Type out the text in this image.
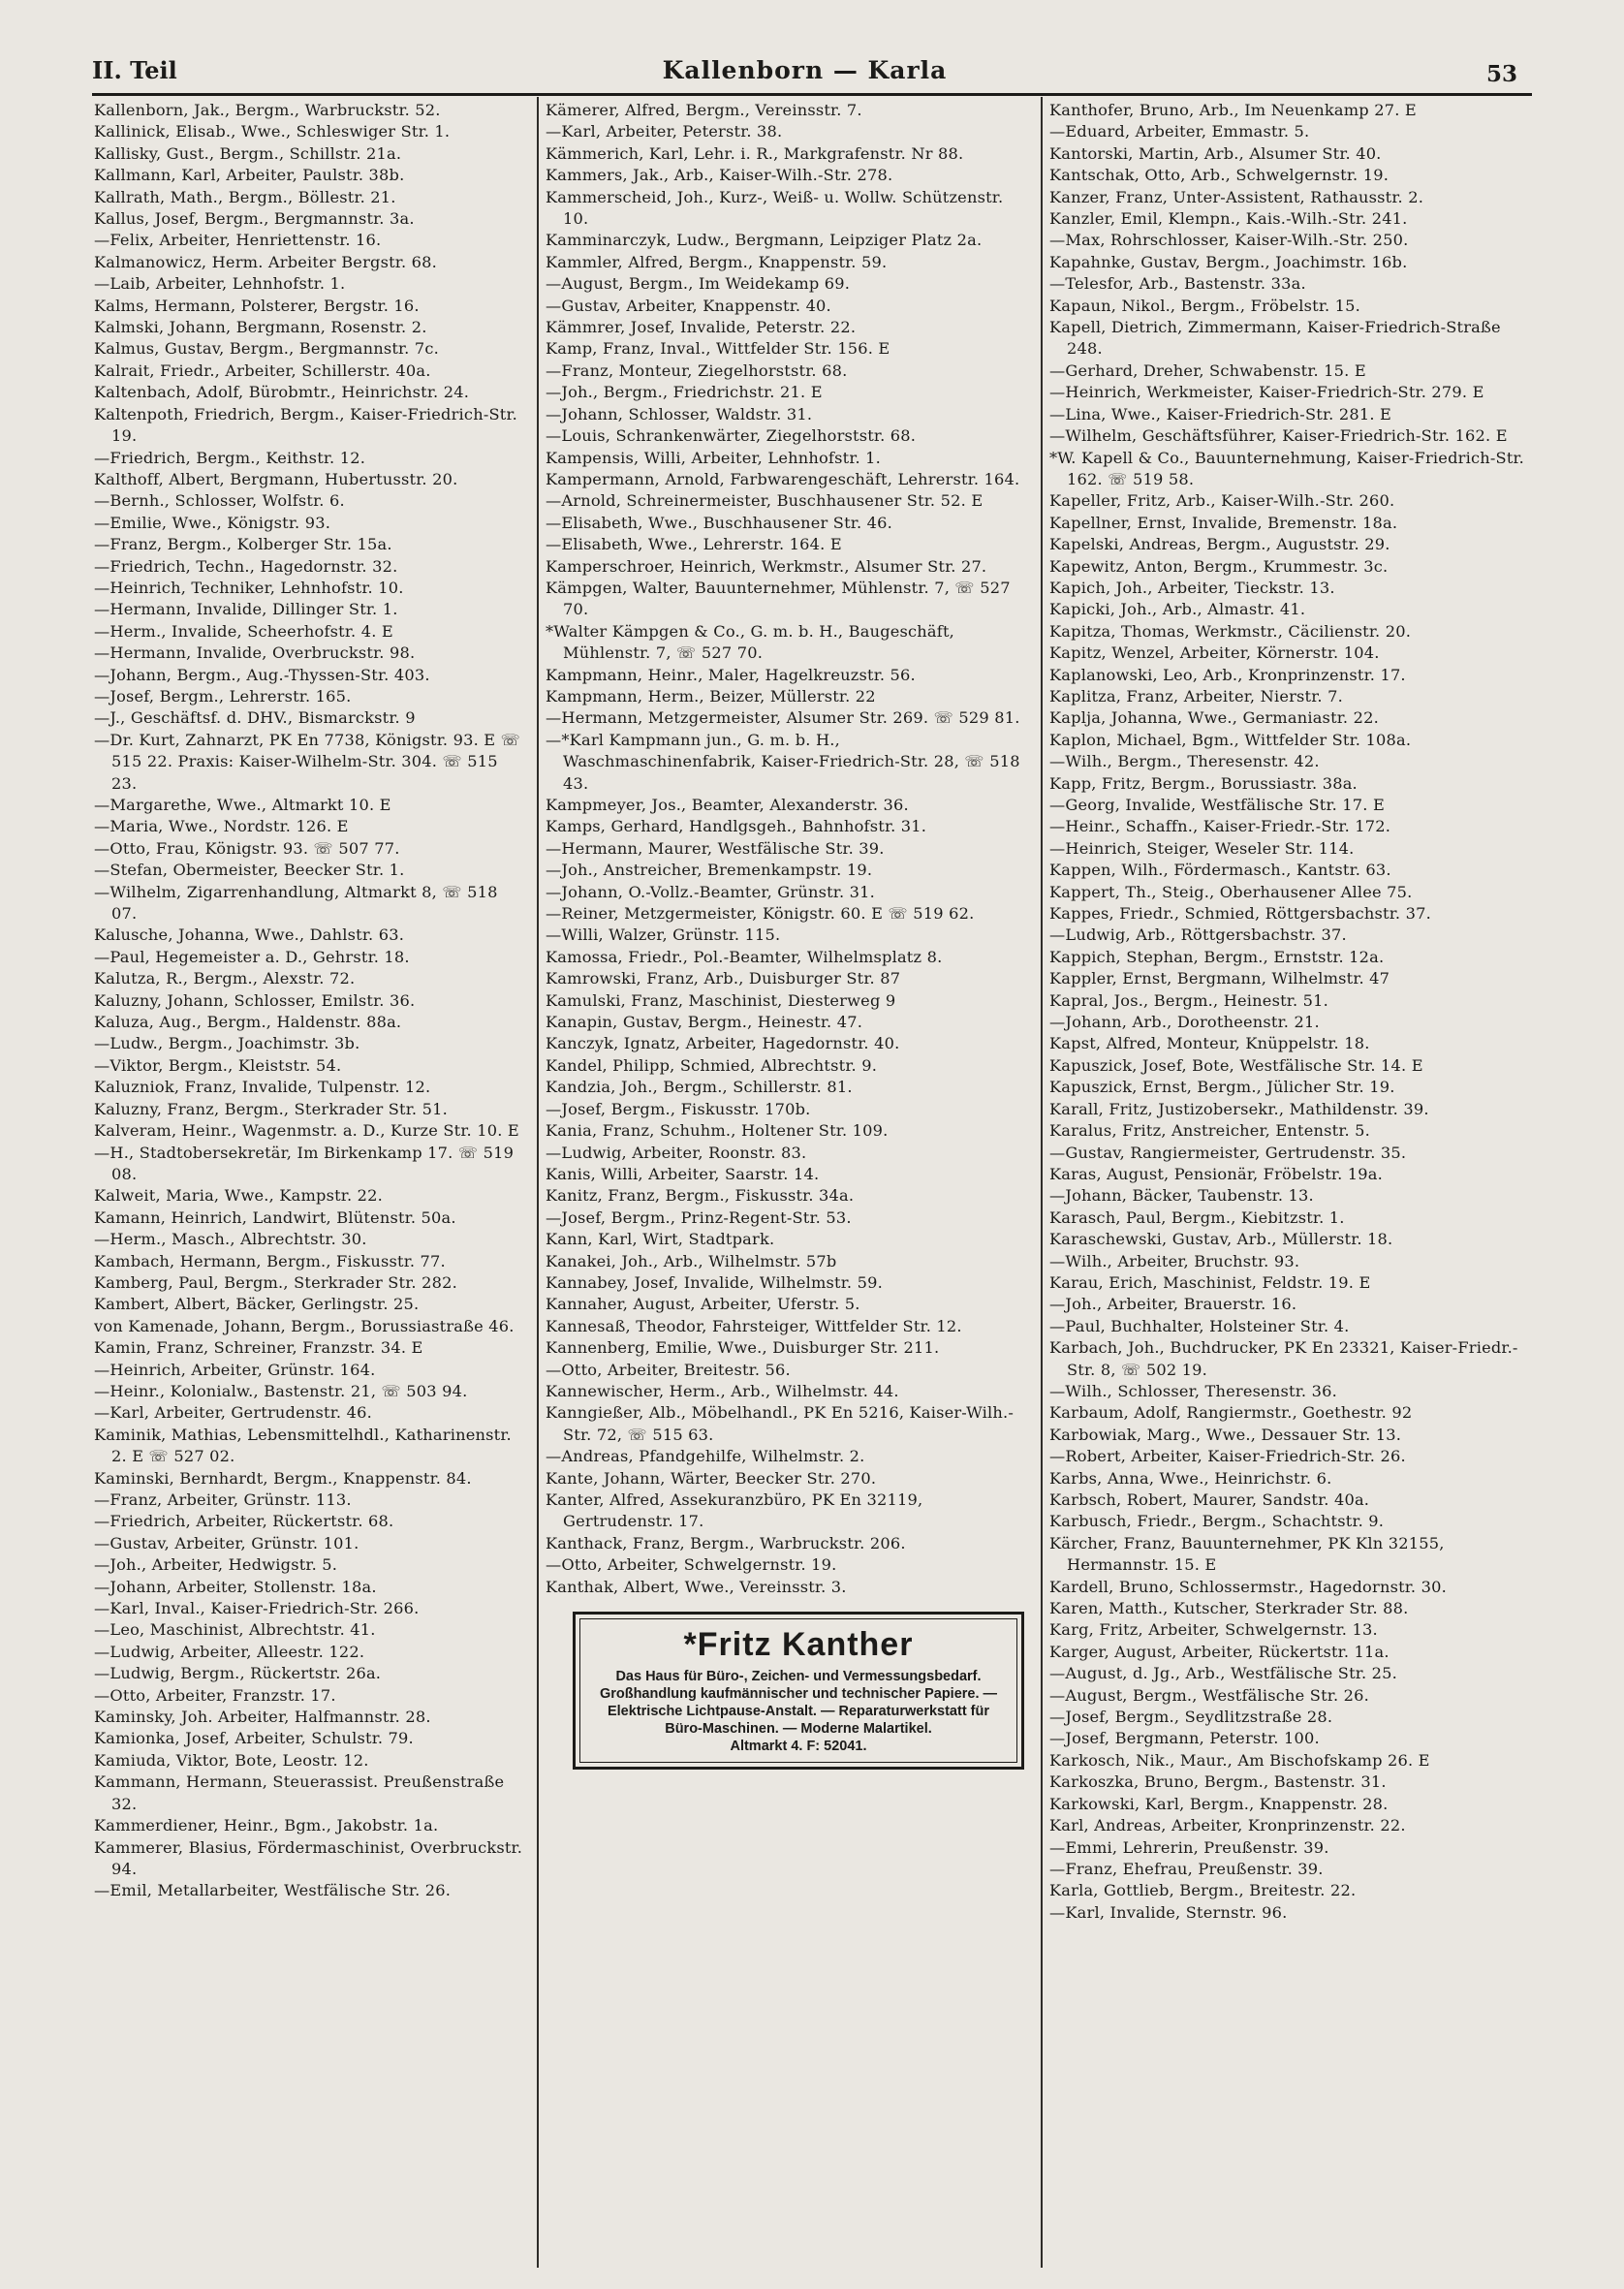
II. Teil	Kallenborn — Karla	53
Kallenborn, Jak., Bergm., Warbruckstr. 52.
Kallinick, Elisab., Wwe., Schleswiger Str. 1.
Kallisky, Gust., Bergm., Schillstr. 21a.
Kallmann, Karl, Arbeiter, Paulstr. 38b.
Kallrath, Math., Bergm., Böllestr. 21.
Kallus, Josef, Bergm., Bergmannstr. 3a.
—Felix, Arbeiter, Henriettenstr. 16.
Kalmanowicz, Herm. Arbeiter Bergstr. 68.
—Laib, Arbeiter, Lehnhofstr. 1.
Kalms, Hermann, Polsterer, Bergstr. 16.
Kalmski, Johann, Bergmann, Rosenstr. 2.
Kalmus, Gustav, Bergm., Bergmannstr. 7c.
Kalrait, Friedr., Arbeiter, Schillerstr. 40a.
Kaltenbach, Adolf, Bürobmtr., Heinrichstr. 24.
Kaltenpoth, Friedrich, Bergm., Kaiser-Friedrich-Str. 19.
—Friedrich, Bergm., Keithstr. 12.
Kalthoff, Albert, Bergmann, Hubertusstr. 20.
—Bernh., Schlosser, Wolfstr. 6.
—Emilie, Wwe., Königstr. 93.
—Franz, Bergm., Kolberger Str. 15a.
—Friedrich, Techn., Hagedornstr. 32.
—Heinrich, Techniker, Lehnhofstr. 10.
—Hermann, Invalide, Dillinger Str. 1.
—Herm., Invalide, Scheerhofstr. 4. E
—Hermann, Invalide, Overbruckstr. 98.
—Johann, Bergm., Aug.-Thyssen-Str. 403.
—Josef, Bergm., Lehrerstr. 165.
—J., Geschäftsf. d. DHV., Bismarckstr. 9
—Dr. Kurt, Zahnarzt, PK En 7738, Königstr. 93. E ☏ 515 22. Praxis: Kaiser-Wilhelm-Str. 304. ☏ 515 23.
—Margarethe, Wwe., Altmarkt 10. E
—Maria, Wwe., Nordstr. 126. E
—Otto, Frau, Königstr. 93. ☏ 507 77.
—Stefan, Obermeister, Beecker Str. 1.
—Wilhelm, Zigarrenhandlung, Altmarkt 8, ☏ 518 07.
Kalusche, Johanna, Wwe., Dahlstr. 63.
—Paul, Hegemeister a. D., Gehrstr. 18.
Kalutza, R., Bergm., Alexstr. 72.
Kaluzny, Johann, Schlosser, Emilstr. 36.
Kaluza, Aug., Bergm., Haldenstr. 88a.
—Ludw., Bergm., Joachimstr. 3b.
—Viktor, Bergm., Kleiststr. 54.
Kaluzniok, Franz, Invalide, Tulpenstr. 12.
Kaluzny, Franz, Bergm., Sterkrader Str. 51.
Kalveram, Heinr., Wagenmstr. a. D., Kurze Str. 10. E
—H., Stadtobersekretär, Im Birkenkamp 17. ☏ 519 08.
Kalweit, Maria, Wwe., Kampstr. 22.
Kamann, Heinrich, Landwirt, Blütenstr. 50a.
—Herm., Masch., Albrechtstr. 30.
Kambach, Hermann, Bergm., Fiskusstr. 77.
Kamberg, Paul, Bergm., Sterkrader Str. 282.
Kambert, Albert, Bäcker, Gerlingstr. 25.
von Kamenade, Johann, Bergm., Borussiastraße 46.
Kamin, Franz, Schreiner, Franzstr. 34. E
—Heinrich, Arbeiter, Grünstr. 164.
—Heinr., Kolonialw., Bastenstr. 21, ☏ 503 94.
—Karl, Arbeiter, Gertrudenstr. 46.
Kaminik, Mathias, Lebensmittelhdl., Katharinenstr. 2. E ☏ 527 02.
Kaminski, Bernhardt, Bergm., Knappenstr. 84.
—Franz, Arbeiter, Grünstr. 113.
—Friedrich, Arbeiter, Rückertstr. 68.
—Gustav, Arbeiter, Grünstr. 101.
—Joh., Arbeiter, Hedwigstr. 5.
—Johann, Arbeiter, Stollenstr. 18a.
—Karl, Inval., Kaiser-Friedrich-Str. 266.
—Leo, Maschinist, Albrechtstr. 41.
—Ludwig, Arbeiter, Alleestr. 122.
—Ludwig, Bergm., Rückertstr. 26a.
—Otto, Arbeiter, Franzstr. 17.
Kaminsky, Joh. Arbeiter, Halfmannstr. 28.
Kamionka, Josef, Arbeiter, Schulstr. 79.
Kamiuda, Viktor, Bote, Leostr. 12.
Kammann, Hermann, Steuerassist. Preußenstraße 32.
Kammerdiener, Heinr., Bgm., Jakobstr. 1a.
Kammerer, Blasius, Fördermaschinist, Overbruckstr. 94.
—Emil, Metallarbeiter, Westfälische Str. 26.
Kämerer, Alfred, Bergm., Vereinsstr. 7.
—Karl, Arbeiter, Peterstr. 38.
Kämmerich, Karl, Lehr. i. R., Markgrafenstr. Nr 88.
Kammers, Jak., Arb., Kaiser-Wilh.-Str. 278.
Kammerscheid, Joh., Kurz-, Weiß- u. Wollw. Schützenstr. 10.
Kamminarczyk, Ludw., Bergmann, Leipziger Platz 2a.
Kammler, Alfred, Bergm., Knappenstr. 59.
—August, Bergm., Im Weidekamp 69.
—Gustav, Arbeiter, Knappenstr. 40.
Kämmrer, Josef, Invalide, Peterstr. 22.
Kamp, Franz, Inval., Wittfelder Str. 156. E
—Franz, Monteur, Ziegelhorststr. 68.
—Joh., Bergm., Friedrichstr. 21. E
—Johann, Schlosser, Waldstr. 31.
—Louis, Schrankenwärter, Ziegelhorststr. 68.
Kampensis, Willi, Arbeiter, Lehnhofstr. 1.
Kampermann, Arnold, Farbwarengeschäft, Lehrerstr. 164.
—Arnold, Schreinermeister, Buschhausener Str. 52. E
—Elisabeth, Wwe., Buschhausener Str. 46.
—Elisabeth, Wwe., Lehrerstr. 164. E
Kamperschroer, Heinrich, Werkmstr., Alsumer Str. 27.
Kämpgen, Walter, Bauunternehmer, Mühlenstr. 7, ☏ 527 70.
*Walter Kämpgen & Co., G. m. b. H., Baugeschäft, Mühlenstr. 7, ☏ 527 70.
Kampmann, Heinr., Maler, Hagelkreuzstr. 56.
Kampmann, Herm., Beizer, Müllerstr. 22
—Hermann, Metzgermeister, Alsumer Str. 269. ☏ 529 81.
—*Karl Kampmann jun., G. m. b. H., Waschmaschinenfabrik, Kaiser-Friedrich-Str. 28, ☏ 518 43.
Kampmeyer, Jos., Beamter, Alexanderstr. 36.
Kamps, Gerhard, Handlgsgeh., Bahnhofstr. 31.
—Hermann, Maurer, Westfälische Str. 39.
—Joh., Anstreicher, Bremenkampstr. 19.
—Johann, O.-Vollz.-Beamter, Grünstr. 31.
—Reiner, Metzgermeister, Königstr. 60. E ☏ 519 62.
—Willi, Walzer, Grünstr. 115.
Kamossa, Friedr., Pol.-Beamter, Wilhelmsplatz 8.
Kamrowski, Franz, Arb., Duisburger Str. 87
Kamulski, Franz, Maschinist, Diesterweg 9
Kanapin, Gustav, Bergm., Heinestr. 47.
Kanczyk, Ignatz, Arbeiter, Hagedornstr. 40.
Kandel, Philipp, Schmied, Albrechtstr. 9.
Kandzia, Joh., Bergm., Schillerstr. 81.
—Josef, Bergm., Fiskusstr. 170b.
Kania, Franz, Schuhm., Holtener Str. 109.
—Ludwig, Arbeiter, Roonstr. 83.
Kanis, Willi, Arbeiter, Saarstr. 14.
Kanitz, Franz, Bergm., Fiskusstr. 34a.
—Josef, Bergm., Prinz-Regent-Str. 53.
Kann, Karl, Wirt, Stadtpark.
Kanakei, Joh., Arb., Wilhelmstr. 57b
Kannabey, Josef, Invalide, Wilhelmstr. 59.
Kannaher, August, Arbeiter, Uferstr. 5.
Kannesaß, Theodor, Fahrsteiger, Wittfelder Str. 12.
Kannenberg, Emilie, Wwe., Duisburger Str. 211.
—Otto, Arbeiter, Breitestr. 56.
Kannewischer, Herm., Arb., Wilhelmstr. 44.
Kanngießer, Alb., Möbelhandl., PK En 5216, Kaiser-Wilh.-Str. 72, ☏ 515 63.
—Andreas, Pfandgehilfe, Wilhelmstr. 2.
Kante, Johann, Wärter, Beecker Str. 270.
Kanter, Alfred, Assekuranzbüro, PK En 32119, Gertrudenstr. 17.
Kanthack, Franz, Bergm., Warbruckstr. 206.
—Otto, Arbeiter, Schwelgernstr. 19.
Kanthak, Albert, Wwe., Vereinsstr. 3.
*Fritz Kanther
Das Haus für Büro-, Zeichen- und Vermessungsbedarf.
Großhandlung kaufmännischer und technischer Papiere. — Elektrische Lichtpause-Anstalt. — Reparaturwerkstatt für Büro-Maschinen. — Moderne Malartikel.
Altmarkt 4. F: 52041.
Kanthofer, Bruno, Arb., Im Neuenkamp 27. E
—Eduard, Arbeiter, Emmastr. 5.
Kantorski, Martin, Arb., Alsumer Str. 40.
Kantschak, Otto, Arb., Schwelgernstr. 19.
Kanzer, Franz, Unter-Assistent, Rathausstr. 2.
Kanzler, Emil, Klempn., Kais.-Wilh.-Str. 241.
—Max, Rohrschlosser, Kaiser-Wilh.-Str. 250.
Kapahnke, Gustav, Bergm., Joachimstr. 16b.
—Telesfor, Arb., Bastenstr. 33a.
Kapaun, Nikol., Bergm., Fröbelstr. 15.
Kapell, Dietrich, Zimmermann, Kaiser-Friedrich-Straße 248.
—Gerhard, Dreher, Schwabenstr. 15. E
—Heinrich, Werkmeister, Kaiser-Friedrich-Str. 279. E
—Lina, Wwe., Kaiser-Friedrich-Str. 281. E
—Wilhelm, Geschäftsführer, Kaiser-Friedrich-Str. 162. E
*W. Kapell & Co., Bauunternehmung, Kaiser-Friedrich-Str. 162. ☏ 519 58.
Kapeller, Fritz, Arb., Kaiser-Wilh.-Str. 260.
Kapellner, Ernst, Invalide, Bremenstr. 18a.
Kapelski, Andreas, Bergm., Auguststr. 29.
Kapewitz, Anton, Bergm., Krummestr. 3c.
Kapich, Joh., Arbeiter, Tieckstr. 13.
Kapicki, Joh., Arb., Almastr. 41.
Kapitza, Thomas, Werkmstr., Cäcilienstr. 20.
Kapitz, Wenzel, Arbeiter, Körnerstr. 104.
Kaplanowski, Leo, Arb., Kronprinzenstr. 17.
Kaplitza, Franz, Arbeiter, Nierstr. 7.
Kaplja, Johanna, Wwe., Germaniastr. 22.
Kaplon, Michael, Bgm., Wittfelder Str. 108a.
—Wilh., Bergm., Theresenstr. 42.
Kapp, Fritz, Bergm., Borussiastr. 38a.
—Georg, Invalide, Westfälische Str. 17. E
—Heinr., Schaffn., Kaiser-Friedr.-Str. 172.
—Heinrich, Steiger, Weseler Str. 114.
Kappen, Wilh., Fördermasch., Kantstr. 63.
Kappert, Th., Steig., Oberhausener Allee 75.
Kappes, Friedr., Schmied, Röttgersbachstr. 37.
—Ludwig, Arb., Röttgersbachstr. 37.
Kappich, Stephan, Bergm., Ernststr. 12a.
Kappler, Ernst, Bergmann, Wilhelmstr. 47
Kapral, Jos., Bergm., Heinestr. 51.
—Johann, Arb., Dorotheenstr. 21.
Kapst, Alfred, Monteur, Knüppelstr. 18.
Kapuszick, Josef, Bote, Westfälische Str. 14. E
Kapuszick, Ernst, Bergm., Jülicher Str. 19.
Karall, Fritz, Justizobersekr., Mathildenstr. 39.
Karalus, Fritz, Anstreicher, Entenstr. 5.
—Gustav, Rangiermeister, Gertrudenstr. 35.
Karas, August, Pensionär, Fröbelstr. 19a.
—Johann, Bäcker, Taubenstr. 13.
Karasch, Paul, Bergm., Kiebitzstr. 1.
Karaschewski, Gustav, Arb., Müllerstr. 18.
—Wilh., Arbeiter, Bruchstr. 93.
Karau, Erich, Maschinist, Feldstr. 19. E
—Joh., Arbeiter, Brauerstr. 16.
—Paul, Buchhalter, Holsteiner Str. 4.
Karbach, Joh., Buchdrucker, PK En 23321, Kaiser-Friedr.-Str. 8, ☏ 502 19.
—Wilh., Schlosser, Theresenstr. 36.
Karbaum, Adolf, Rangiermstr., Goethestr. 92
Karbowiak, Marg., Wwe., Dessauer Str. 13.
—Robert, Arbeiter, Kaiser-Friedrich-Str. 26.
Karbs, Anna, Wwe., Heinrichstr. 6.
Karbsch, Robert, Maurer, Sandstr. 40a.
Karbusch, Friedr., Bergm., Schachtstr. 9.
Kärcher, Franz, Bauunternehmer, PK Kln 32155, Hermannstr. 15. E
Kardell, Bruno, Schlossermstr., Hagedornstr. 30.
Karen, Matth., Kutscher, Sterkrader Str. 88.
Karg, Fritz, Arbeiter, Schwelgernstr. 13.
Karger, August, Arbeiter, Rückertstr. 11a.
—August, d. Jg., Arb., Westfälische Str. 25.
—August, Bergm., Westfälische Str. 26.
—Josef, Bergm., Seydlitzstraße 28.
—Josef, Bergmann, Peterstr. 100.
Karkosch, Nik., Maur., Am Bischofskamp 26. E
Karkoszka, Bruno, Bergm., Bastenstr. 31.
Karkowski, Karl, Bergm., Knappenstr. 28.
Karl, Andreas, Arbeiter, Kronprinzenstr. 22.
—Emmi, Lehrerin, Preußenstr. 39.
—Franz, Ehefrau, Preußenstr. 39.
Karla, Gottlieb, Bergm., Breitestr. 22.
—Karl, Invalide, Sternstr. 96.
